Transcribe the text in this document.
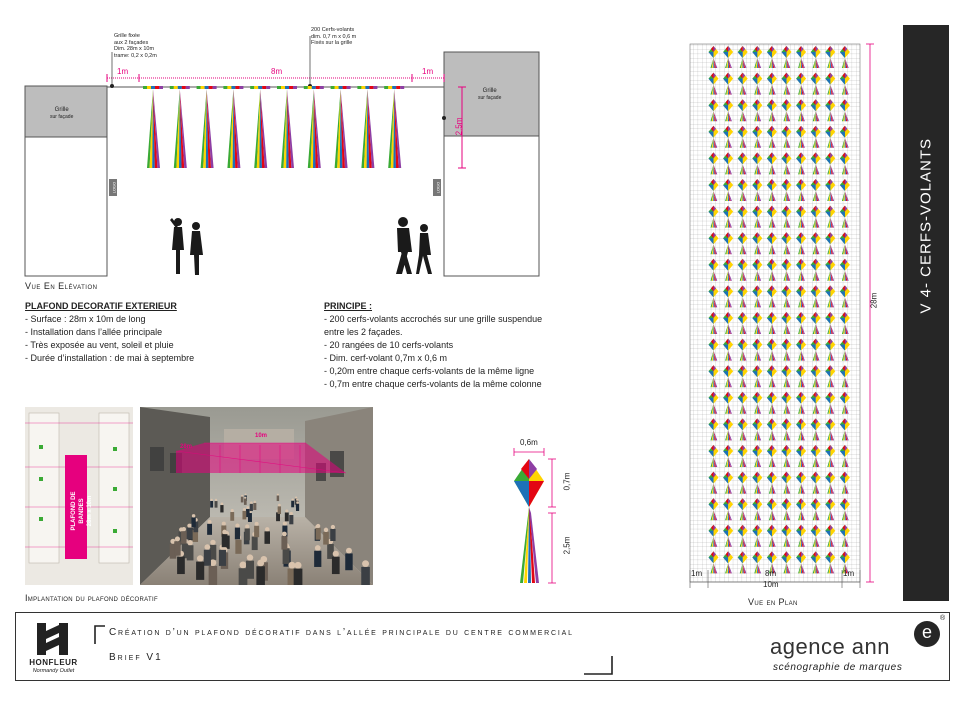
Grille
sur façade
Grille
sur façade
Grille fixée
aux 2 façades
Dim. 28m x 10m
trame: 0,2 x 0,2m
200 Cerfs-volants
dim. 0,7 m x 0,6 m
Fixés sur la grille
1m	8m	1m
2,5m
LOGO	LOGO
Vue En Elévation
PLAFOND DECORATIF EXTERIEUR
- Surface : 28m x 10m de long
- Installation dans l’allée principale
- Très exposée au vent, soleil et pluie
- Durée d’installation : de mai à septembre
PRINCIPE :
- 200 cerfs-volants accrochés sur une grille suspendue
entre les 2 façades.
- 20 rangées de 10 cerfs-volants
- Dim. cerf-volant 0,7m x 0,6 m
- 0,20m entre chaque cerfs-volants de la même ligne
- 0,7m entre chaque cerfs-volants de la même colonne
PLAFOND DE BANDES 28m x 10m
28m
10m
Implantation du plafond décoratif
0,6m
0,7m
2,5m
28m
1m	8m	1m
10m
Vue en Plan
V 4- CERFS-VOLANTS
HONFLEUR
Normandy Outlet
Création d’un plafond décoratif dans l’allée principale du centre commercial
Brief V1	agence ann
e
®
scénographie de marques
